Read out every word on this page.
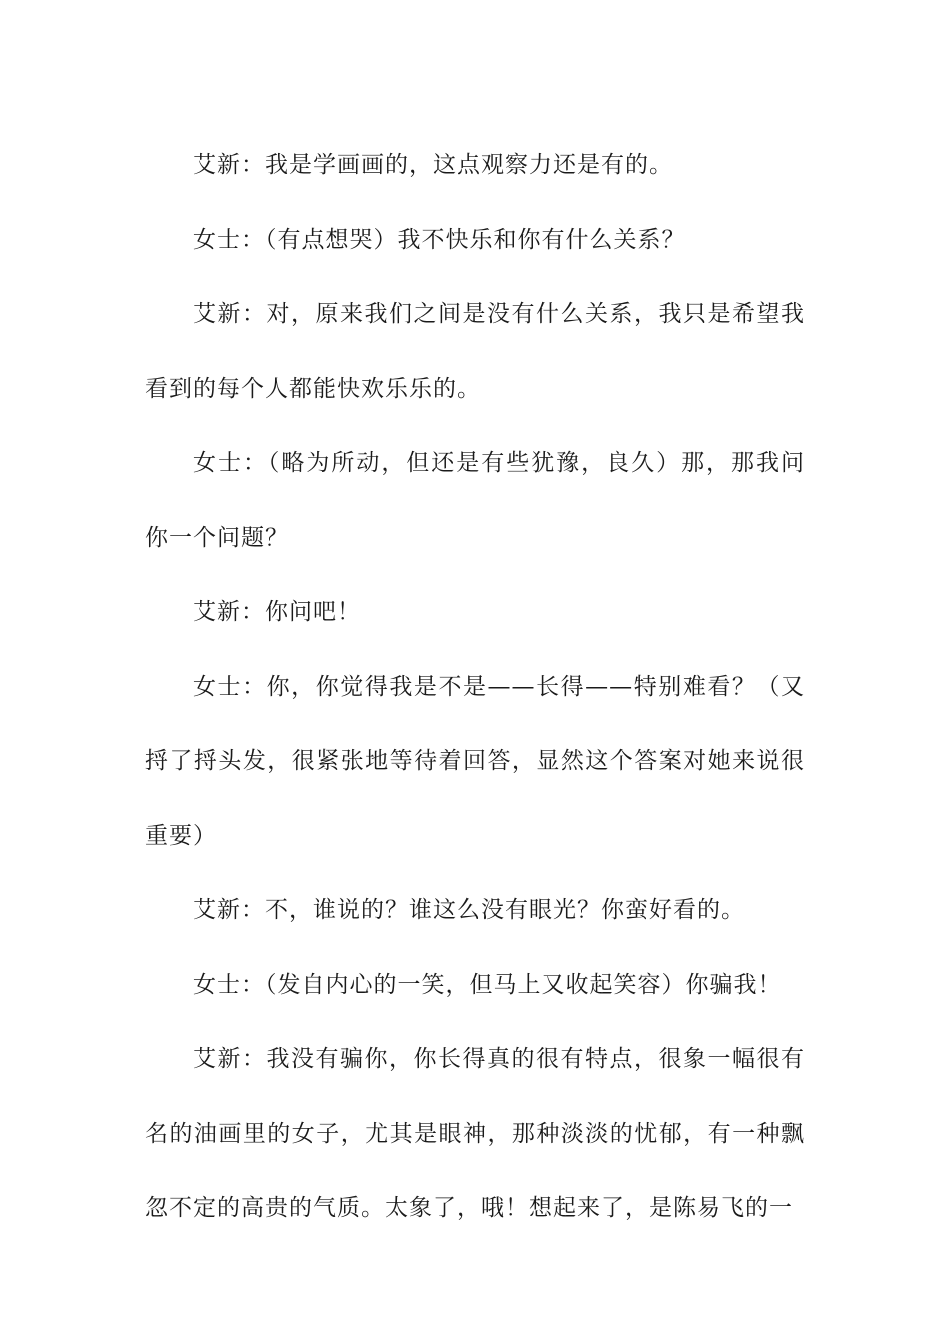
艾新：我是学画画的，这点观察力还是有的。

女士：（有点想哭）我不快乐和你有什么关系？

艾新：对，原来我们之间是没有什么关系，我只是希望我看到的每个人都能快欢乐乐的。

女士：（略为所动，但还是有些犹豫，良久）那，那我问你一个问题？

艾新：你问吧！

女士：你，你觉得我是不是——长得——特别难看？（又捋了捋头发，很紧张地等待着回答，显然这个答案对她来说很重要）

艾新：不，谁说的？谁这么没有眼光？你蛮好看的。

女士：（发自内心的一笑，但马上又收起笑容）你骗我！

艾新：我没有骗你，你长得真的很有特点，很象一幅很有名的油画里的女子，尤其是眼神，那种淡淡的忧郁，有一种飘忽不定的高贵的气质。太象了，哦！想起来了，是陈易飞的一
